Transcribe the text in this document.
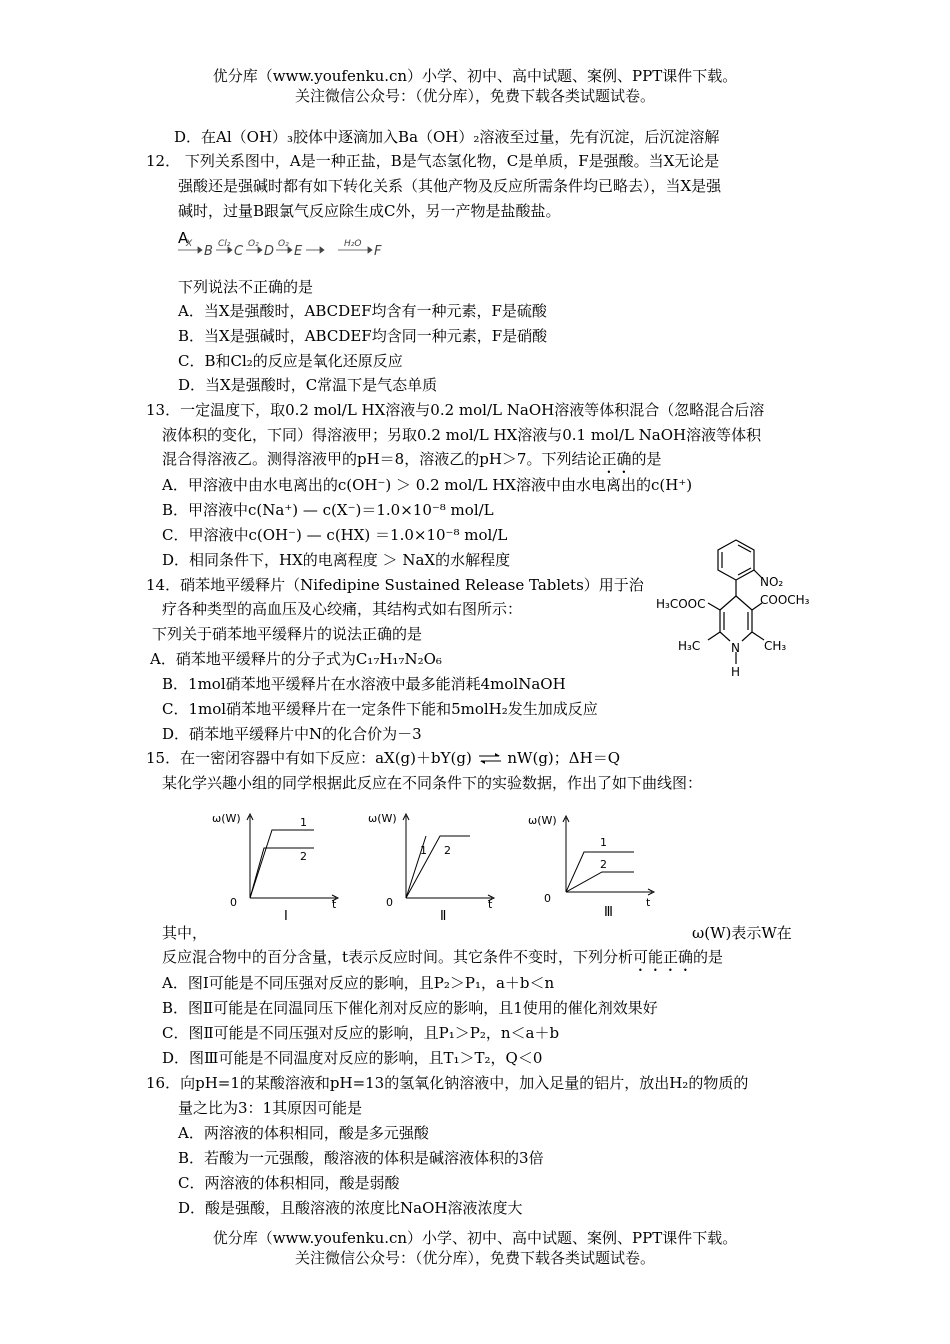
优分库（www.youfenku.cn）小学、初中、高中试题、案例、PPT课件下载。
关注微信公众号：（优分库），免费下载各类试题试卷。
D．在Al（OH）₃胶体中逐滴加入Ba（OH）₂溶液至过量，先有沉淀，后沉淀溶解
12． 下列关系图中，A是一种正盐，B是气态氢化物，C是单质，F是强酸。当X无论是
强酸还是强碱时都有如下转化关系（其他产物及反应所需条件均已略去），当X是强
碱时，过量B跟氯气反应除生成C外，另一产物是盐酸盐。
A
X	Cl₂ O₂ O₂	H₂O
B C D E	F
下列说法不正确的是
A．当X是强酸时，ABCDEF均含有一种元素，F是硫酸
B．当X是强碱时，ABCDEF均含同一种元素，F是硝酸
C．B和Cl₂的反应是氧化还原反应
D．当X是强酸时，C常温下是气态单质
13．一定温度下，取0.2 mol/L HX溶液与0.2 mol/L NaOH溶液等体积混合（忽略混合后溶
液体积的变化，下同）得溶液甲；另取0.2 mol/L HX溶液与0.1 mol/L NaOH溶液等体积
混合得溶液乙。测得溶液甲的pH＝8，溶液乙的pH＞7。下列结论正确的是
A．甲溶液中由水电离出的c(OH⁻) ＞ 0.2 mol/L HX溶液中由水电离出的c(H⁺)
B．甲溶液中c(Na⁺) — c(X⁻)＝1.0×10⁻⁸ mol/L
C．甲溶液中c(OH⁻) — c(HX) ＝1.0×10⁻⁸ mol/L
D．相同条件下，HX的电离程度 ＞ NaX的水解程度
14．硝苯地平缓释片（Nifedipine Sustained Release Tablets）用于治
疗各种类型的高血压及心绞痛，其结构式如右图所示：
下列关于硝苯地平缓释片的说法正确的是
A．硝苯地平缓释片的分子式为C₁₇H₁₇N₂O₆
B．1mol硝苯地平缓释片在水溶液中最多能消耗4molNaOH
C．1mol硝苯地平缓释片在一定条件下能和5molH₂发生加成反应
D．硝苯地平缓释片中N的化合价为－3
NO₂
H₃COOC	COOCH₃
H₃C	CH₃
N
H
15．在一密闭容器中有如下反应：aX(g)＋bY(g) ⇌ nW(g)；ΔH＝Q
某化学兴趣小组的同学根据此反应在不同条件下的实验数据，作出了如下曲线图：
ω(W)
0	t
1
2
Ⅰ
ω(W)
0	t
1 2
Ⅱ
ω(W)
0	t
1
2
Ⅲ
其中，	ω(W)表示W在
反应混合物中的百分含量，t表示反应时间。其它条件不变时，下列分析可能正确的是
A．图Ⅰ可能是不同压强对反应的影响，且P₂＞P₁，a＋b＜n
B．图Ⅱ可能是在同温同压下催化剂对反应的影响，且1使用的催化剂效果好
C．图Ⅱ可能是不同压强对反应的影响，且P₁＞P₂，n＜a＋b
D．图Ⅲ可能是不同温度对反应的影响，且T₁＞T₂，Q＜0
16．向pH=1的某酸溶液和pH=13的氢氧化钠溶液中，加入足量的铝片，放出H₂的物质的
量之比为3：1其原因可能是
A．两溶液的体积相同，酸是多元强酸
B．若酸为一元强酸，酸溶液的体积是碱溶液体积的3倍
C．两溶液的体积相同，酸是弱酸
D．酸是强酸，且酸溶液的浓度比NaOH溶液浓度大
优分库（www.youfenku.cn）小学、初中、高中试题、案例、PPT课件下载。
关注微信公众号：（优分库），免费下载各类试题试卷。
